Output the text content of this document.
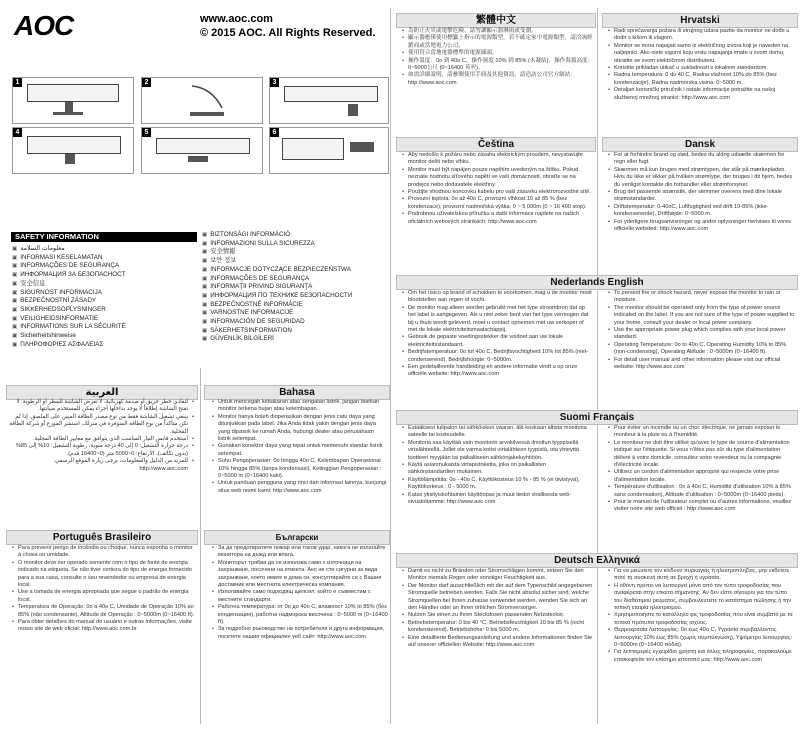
AOC	www.aoc.com
© 2015 AOC. All Rights Reserved.
1	2	3
4	5	6
SAFETY INFORMATION
▣ معلومات السلامة
▣ INFORMASI KESELAMATAN
▣ INFORMAÇÕES DE SEGURANÇA
▣ ИНФОРМАЦИЯ ЗА БЕЗОПАСНОСТ
▣ 安全信息
▣ SIGURNOST INFORMACIJA
▣ BEZPEČNOSTNÍ ZÁSADY
▣ SIKKERHEDSOPLYSNINGER
▣ VEILIGHEIDSINFORMATIE
▣ INFORMATIONS SUR LA SÉCURITÉ
▣ Sicherheitshinweise
▣ ΠΛΗΡΟΦΟΡΙΕΣ ΑΣΦΑΛΕΙΑΣ
▣ BIZTONSÁGI INFORMÁCIÓ
▣ INFORMAZIONI SULLA SICUREZZA
▣ 安全情報
▣ 보안 정보
▣ INFORMACJE DOTYCZĄCE BEZPIECZEŃSTWA
▣ INFORMAÇÕES DE SEGURANÇA
▣ INFORMAŢII PRIVIND SIGURANŢA
▣ ИНФОРМАЦИЯ ПО ТЕХНИКЕ БЕЗОПАСНОСТИ
▣ BEZPEČNOSTNÉ INFORMÁCIE
▣ VARNOSTNE INFORMACIJE
▣ INFORMACIÓN DE SEGURIDAD
▣ SÄKERHETSINFORMATION
▣ GÜVENLİK BİLGİLERİ
العربية	Bahasa
• لتفادي خطر حريق أو صدمة كهربائية، لا تعرض الشاشة للمطر أو الرطوبة. لا تفتح الشاشة إطلاقاً لا يوجد بداخلها أجزاء يمكن للمستخدم صيانتها.
• ينبغي تشغيل الشاشة فقط من نوع مصدر الطاقة المبين على الملصق. إذا لم تكن متأكداً من نوع الطاقة المتوفرة في منزلك، استشر الموزع أو شركة الطاقة المحلية.
• استخدم قابس التيار المناسب الذي يتوافق مع معايير الطاقة المحلية.
• درجة حرارة التشغيل: 0 إلى 40 درجة مئوية، رطوبة التشغيل: 10% إلى 85% (بدون تكاثف)، الارتفاع: 0~5000 متر (0~16400 قدم).
• للمزيد من الدليل والمعلومات، يرجى زيارة الموقع الرسمي: http://www.aoc.com
• Untuk mencegah kebakaran atau sengatan listrik, jangan biarkan monitor terkena hujan atau kelembapan.
• Monitor hanya boleh dioperasikan dengan jenis catu daya yang ditunjukkan pada label. Jika Anda tidak yakin dengan jenis daya yang dipasok ke rumah Anda, hubungi dealer atau perusahaan listrik setempat.
• Gunakan konektor daya yang tepat untuk memenuhi standar listrik setempat.
• Suhu Pengoperasian: 0o hingga 40o C, Kelembapan Operasional 10% hingga 85% (tanpa kondensasi), Ketinggian Pengoperasian : 0~5000 m (0~16400 kaki).
• Untuk panduan pengguna yang rinci dan informasi lainnya, kunjungi situs web resmi kami: http://www.aoc.com
Português Brasileiro	Български
• Para prevenir perigo de incêndio ou choque, nunca exponha o monitor à chuva ou umidade.
• O monitor deve ser operado somente com o tipo de fonte de energia indicado na etiqueta. Se não tiver certeza do tipo de energia fornecido para a sua casa, consulte o seu revendedor ou empresa de energia local.
• Use a tomada de energia apropriada que segue o padrão de energia local.
• Temperatura de Operação: 0o a 40o C, Umidade de Operação 10% ao 85% (não condensante), Altitude de Operação : 0~5000m (0~16400 ft).
• Para obter detalhes do manual do usuário e outras informações, visite nosso site de web oficial: http://www.aoc.com.br
• За да предотвратите пожар или токов удар, никога не излагайте монитора на дъжд или влага.
• Мониторът трябва да се използва само с източници на захранване, посочени на етикета. Ако не сте сигурни за вида захранване, което имате в дома си, консултирайте се с Вашия доставчик или местната електрическа компания.
• Използвайте само подходящ щепсел, който е съвместим с местните стандарти.
• Работна температура: от 0o до 40o C, влажност 10% to 85% (без кондензация), работна надморска височина : 0~5000 m (0~16400 ft).
• За подробно ръководство на потребителя и друга информация, посетете нашия официален уеб сайт: http://www.aoc.com
繁體中文	Hrvatski
• 為防止火災或電擊危險，請勿讓顯示器淋雨或受潮。
• 顯示器應僅使用標籤上指示的電源類型。若不確定家中電源類型，請洽詢經銷商或當地電力公司。
• 使用符合當地電器標準的電源插頭。
• 操作溫度：0o 到 40o C，操作濕度 10% 到 85% (未凝結)，操作海拔高度：0~5000公尺 (0~16400 英呎)。
• 如需詳細說明，請參閱使用手冊及其他資訊，請造訪公司官方網站：http://www.aoc.com
• Radi sprečavanja požara ili strujnog udara pazite da monitor ne dođe u dodir s kišom ili vlagom.
• Monitor se mora napajati samo iz električnog izvora koji je naveden na naljepnici. Ako niste sigurni koju vrstu napajanja imate u svom domu, obratite se svom električnom distributeru.
• Koristite prikladan utikač u sukladnosti s lokalnim standardom.
• Radna temperatura: 0 do 40 C, Radna vlažnost 10% do 85% (bez kondenzacije), Radna nadmorska visina: 0~5000 m.
• Detaljan korisnički priručnik i ostale informacije potražite na našoj službenoj mrežnoj stranici: http://www.aoc.com
Čeština	Dansk
• Aby nedošlo k požáru nebo zásahu elektrickým proudem, nevystavujte monitor dešti nebo vlhku.
• Monitor musí být napájen pouze napětím uvedeným na štítku. Pokud neznáte hodnotu síťového napětí ve vaší domácnosti, obraťte se na prodejce nebo dodavatele elektřiny.
• Použijte vhodnou koncovku kabelu pro vaši zásuvku elektrorozvodné sítě.
• Provozní teplota: 0o až 40o C, provozní vlhkost 10 až 85 % (bez kondenzace), provozní nadmořská výška: 0 ~ 5 000m (0 ~ 16 400 stop).
• Podrobnou uživatelskou příručku a další informace najdete na našich oficiálních webových stránkách: http://www.aoc.com
• For at forhindre brand og stød, bedes du aldrig udsætte skærmen for regn eller fugt.
• Skærmen må kun bruges med strømtypen, der står på mærkepladen. Hvis du ikke er sikker på hvilken strømtype, der bruges i dit hjem, bedes du venligst kontakte din forhandler eller strømforsyner.
• Brug det passende strømstik, der stemmer overens med dine lokale strømstandarder.
• Driftstemperatur: 0-40oC, Luftfugtighed ved drift 10-85% (ikke-kondenserende), Drifthøjde: 0~5000 m.
• For yderligere brugsanvisninger og andre oplysninger henvises til vores officielle websted: http://www.aoc.com
Nederlands English
• Om het risico op brand of schokken te voorkomen, mag u de monitor nooit blootstellen aan regen of vocht.
• De monitor mag alleen worden gebruikt met het type stroombron dat op het label is aangegeven. Als u niet zeker bent van het type vermogen dat bij u thuis wordt geleverd, moet u contact opnemen met uw verkoper of met de lokale elektriciteitsmaatschappij.
• Gebruik de gepaste voedingsstekker die voldoet aan uw lokale elektriciteitsstandaard.
• Bedrijfstemperatuur: 0o tot 40o C, Bedrijfsvochtigheid 10% tot 85% (niet-condenserend), Bedrijfshoogte: 0~5000m.
• Een gedetailleerde handleiding en andere informatie vindt u op onze officiële website: http://www.aoc.com
• To prevent fire or shock hazard, never expose the monitor to rain or moisture.
• The monitor should be operated only from the type of power source indicated on the label. If you are not sure of the type of power supplied to your home, consult your dealer or local power company.
• Use the appropriate power plug which complies with your local power standard.
• Operating Temperature: 0o to 40o C, Operating Humidity 10% to 85% (non-condensing), Operating Altitude : 0~5000m (0~16400 ft).
• For detail user manual and other information please visit our official website: http://www.aoc.com
Suomi Français
• Estääksesi tulipalon tai sähköiskun vaaran, älä koskaan altista monitoria sateelle tai kosteudelle.
• Monitoria saa käyttää vain monitorin arvokilvessä ilmoitun tyyppisellä virtalähteellä. Jollet ole varma kotisi virtalähteen tyypistä, ota yhteyttä tuotteen myyjään tai paikalliseen sähkönjakeluyhtiöön.
• Käytä asianmukaista virtapistoketta, joka on paikallisten sähkönstandardien mukainen.
• Käyttölämpötila: 0o - 40o C, Käyttökosteus 10 % - 85 % (ei tiivistyvä), Käyttökorkeus : 0 - 5000 m.
• Katso yksityiskohtainen käyttöopas ja muut tiedot virallisesta web-sivustoltamme: http://www.aoc.com
• Pour éviter un incendie ou un choc électrique, ne jamais exposer le moniteur à la pluie ou à l'humidité.
• Le moniteur ne doit être utilisé qu'avec le type de source d'alimentation indiqué sur l'étiquette. Si vous n'êtes pas sûr du type d'alimentation délivré à votre domicile, consultez votre revendeur ou la compagnie d'électricité locale.
• Utilisez un cordon d'alimentation approprié qui respecte votre prise d'alimentation locale.
• Température d'utilisation : 0o à 40o C, Humidité d'utilisation 10% à 85% sans condensation), Altitude d'utilisation : 0~5000m (0~16400 pieds).
• Pour le manuel de l'utilisateur complet ou d'autres informations, veuillez visiter notre site web officiel : http://www.aoc.com
Deutsch Ελληνικά
• Damit es nicht zu Bränden oder Stromschlägen kommt, setzen Sie den Monitor niemals Regen oder sonstiger Feuchtigkeit aus.
• Der Monitor darf ausschließlich mit der auf dem Typenschild angegebenen Stromquelle betrieben werden. Falls Sie nicht absolut sicher sind, welche Stromquellen bei Ihnen zuhause verwendet werden, wenden Sie sich an den Händler oder an Ihren örtlichen Stromversorger.
• Nutzen Sie einen zu Ihren Steckdosen passenden Netzstecker.
• Betriebstemperatur: 0 bis 40 °C, Betriebsfeuchtigkeit 10 bis 85 % (nicht kondensierend), Betriebshöhe: 0 bis 5000 m.
• Eine detaillierte Bedienungsanleitung und andere Informationen finden Sie auf unserer offiziellen Website: http://www.aoc.com
• Για να μειώσετε τον κίνδυνο πυρκαγιάς ή ηλεκτροπληξίας, μην εκθέτετε ποτέ τη συσκευή αυτή σε βροχή ή υγρασία.
• Η οθόνη πρέπει να λειτουργεί μόνο από τον τύπο τροφοδοσίας που αναφέρεται στην ετικέτα σήμανσης. Αν δεν είστε σίγουροι για τον τύπο του διαθέσιμου ρεύματος, συμβουλευτείτε το κατάστημα πώλησης ή την τοπική εταιρία ηλεκτρισμού.
• Χρησιμοποιήστε το κατάλληλο φις τροφοδοσίας που είναι συμβατό με τα τοπικά πρότυπα τροφοδοσίας ισχύος.
• Θερμοκρασία Λειτουργίας: 0o έως 40o C, Υγρασία περιβάλλοντος λειτουργίας 10% έως 85% (χωρίς συμπύκνωση), Υψόμετρο λειτουργίας: 0~5000m (0~16400 πόδια).
• Για λεπτομερές εγχειρίδιο χρήστη και άλλες πληροφορίες, παρακαλούμε επισκεφτείτε τον επίσημο ιστοτοπό μας: http://www.aoc.com
